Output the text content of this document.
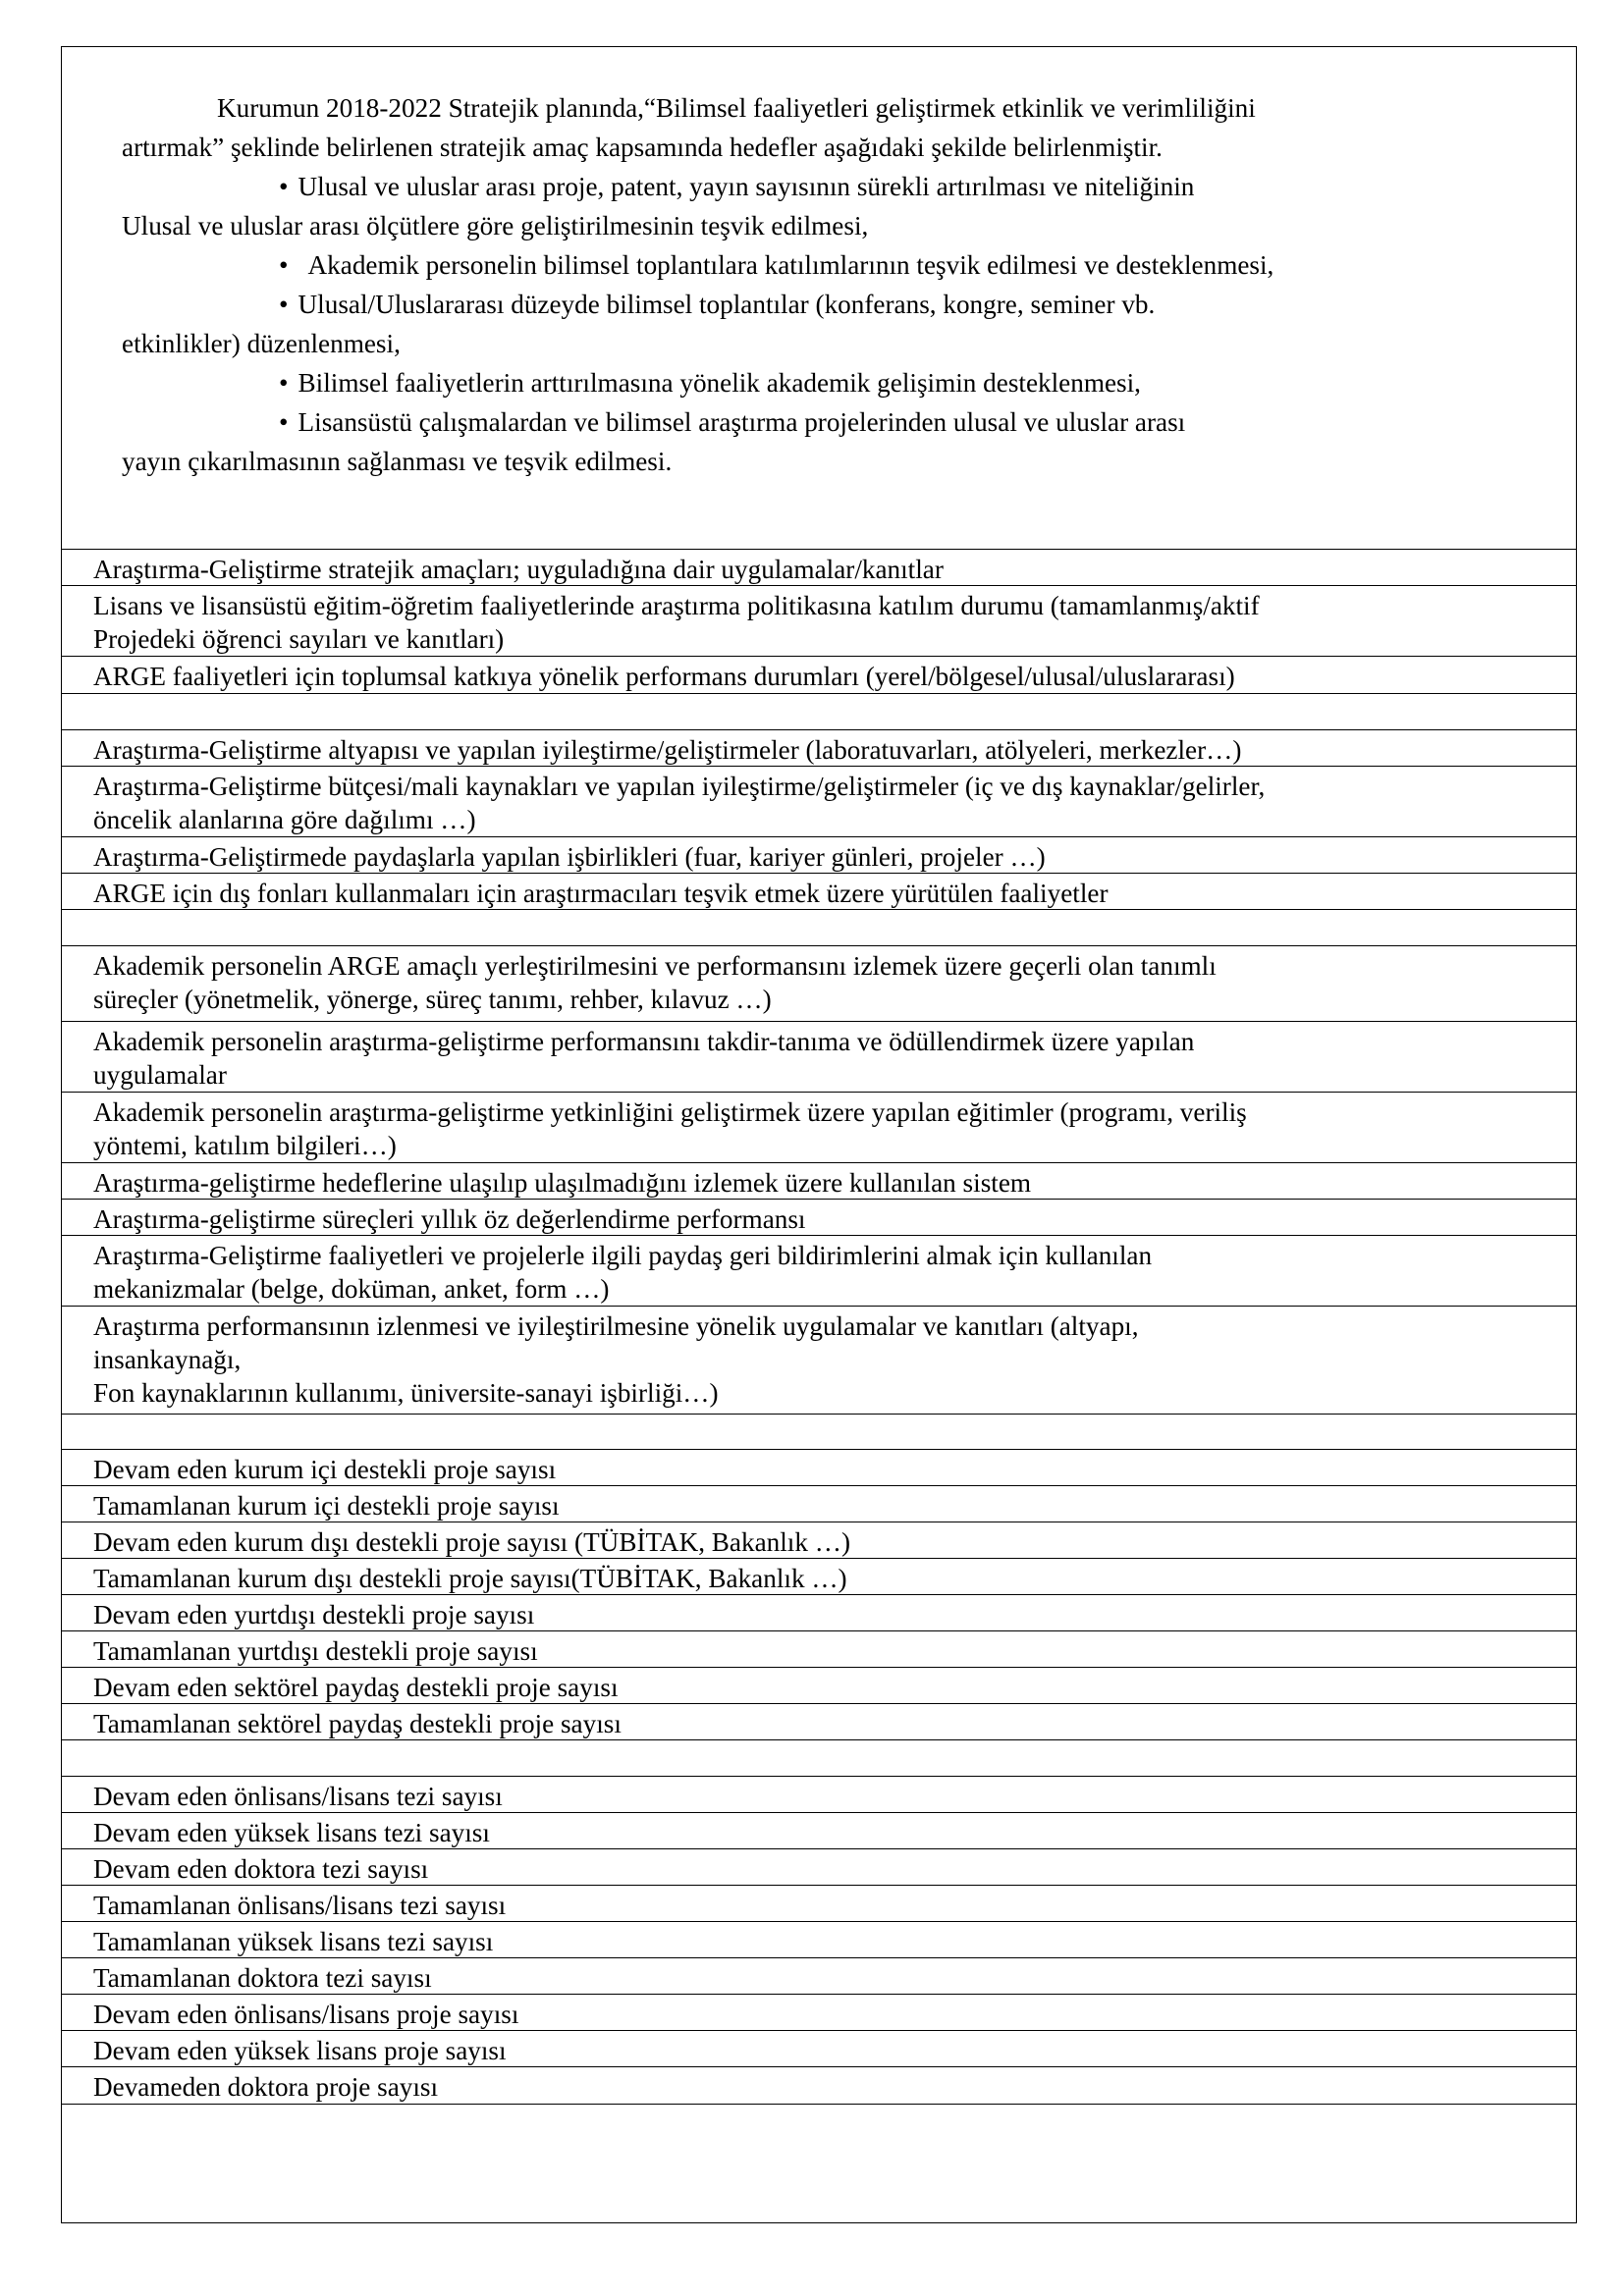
Kurumun 2018-2022 Stratejik planında,“Bilimsel faaliyetleri geliştirmek etkinlik ve verimliliğini

artırmak” şeklinde belirlenen stratejik amaç kapsamında hedefler aşağıdaki şekilde belirlenmiştir.

• Ulusal ve uluslar arası proje, patent, yayın sayısının sürekli artırılması ve niteliğinin

Ulusal ve uluslar arası ölçütlere göre geliştirilmesinin teşvik edilmesi,

• Akademik personelin bilimsel toplantılara katılımlarının teşvik edilmesi ve desteklenmesi,

• Ulusal/Uluslararası düzeyde bilimsel toplantılar (konferans, kongre, seminer vb.

etkinlikler) düzenlenmesi,

• Bilimsel faaliyetlerin arttırılmasına yönelik akademik gelişimin desteklenmesi,

• Lisansüstü çalışmalardan ve bilimsel araştırma projelerinden ulusal ve uluslar arası

yayın çıkarılmasının sağlanması ve teşvik edilmesi.

Araştırma-Geliştirme stratejik amaçları; uyguladığına dair uygulamalar/kanıtlar
Lisans ve lisansüstü eğitim-öğretim faaliyetlerinde araştırma politikasına katılım durumu (tamamlanmış/aktif
Projedeki öğrenci sayıları ve kanıtları)
ARGE faaliyetleri için toplumsal katkıya yönelik performans durumları (yerel/bölgesel/ulusal/uluslararası)
Araştırma-Geliştirme altyapısı ve yapılan iyileştirme/geliştirmeler (laboratuvarları, atölyeleri, merkezler…)
Araştırma-Geliştirme bütçesi/mali kaynakları ve yapılan iyileştirme/geliştirmeler (iç ve dış kaynaklar/gelirler,
öncelik alanlarına göre dağılımı …)
Araştırma-Geliştirmede paydaşlarla yapılan işbirlikleri (fuar, kariyer günleri, projeler …)
ARGE için dış fonları kullanmaları için araştırmacıları teşvik etmek üzere yürütülen faaliyetler
Akademik personelin ARGE amaçlı yerleştirilmesini ve performansını izlemek üzere geçerli olan tanımlı
süreçler (yönetmelik, yönerge, süreç tanımı, rehber, kılavuz …)
Akademik personelin araştırma-geliştirme performansını takdir-tanıma ve ödüllendirmek üzere yapılan
uygulamalar
Akademik personelin araştırma-geliştirme yetkinliğini geliştirmek üzere yapılan eğitimler (programı, veriliş
yöntemi, katılım bilgileri…)
Araştırma-geliştirme hedeflerine ulaşılıp ulaşılmadığını izlemek üzere kullanılan sistem
Araştırma-geliştirme süreçleri yıllık öz değerlendirme performansı
Araştırma-Geliştirme faaliyetleri ve projelerle ilgili paydaş geri bildirimlerini almak için kullanılan
mekanizmalar (belge, doküman, anket, form …)
Araştırma performansının izlenmesi ve iyileştirilmesine yönelik uygulamalar ve kanıtları (altyapı,
insankaynağı,
Fon kaynaklarının kullanımı, üniversite-sanayi işbirliği…)
Devam eden kurum içi destekli proje sayısı
Tamamlanan kurum içi destekli proje sayısı
Devam eden kurum dışı destekli proje sayısı (TÜBİTAK, Bakanlık …)
Tamamlanan kurum dışı destekli proje sayısı(TÜBİTAK, Bakanlık …)
Devam eden yurtdışı destekli proje sayısı
Tamamlanan yurtdışı destekli proje sayısı
Devam eden sektörel paydaş destekli proje sayısı
Tamamlanan sektörel paydaş destekli proje sayısı
Devam eden önlisans/lisans tezi sayısı
Devam eden yüksek lisans tezi sayısı
Devam eden doktora tezi sayısı
Tamamlanan önlisans/lisans tezi sayısı
Tamamlanan yüksek lisans tezi sayısı
Tamamlanan doktora tezi sayısı
Devam eden önlisans/lisans proje sayısı
Devam eden yüksek lisans proje sayısı
Devameden doktora proje sayısı
